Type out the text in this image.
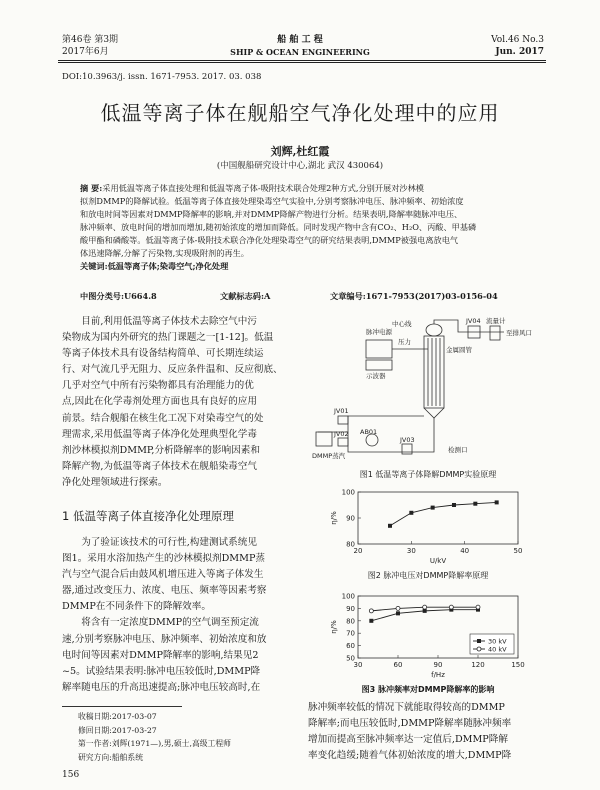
第46卷 第3期
2017年6月
船 舶 工 程
SHIP & OCEAN ENGINEERING
Vol.46 No.3
Jun. 2017
DOI:10.3963/j. issn. 1671-7953. 2017. 03. 038
低温等离子体在舰船空气净化处理中的应用
刘辉,杜红霞
(中国舰船研究设计中心,湖北 武汉 430064)
摘 要:采用低温等离子体直接处理和低温等离子体-吸附技术联合处理2种方式,分别开展对沙林模
拟剂DMMP的降解试验。低温等离子体直接处理染毒空气实验中,分别考察脉冲电压、脉冲频率、初始浓度
和放电时间等因素对DMMP降解率的影响,并对DMMP降解产物进行分析。结果表明,降解率随脉冲电压、
脉冲频率、放电时间的增加而增加,随初始浓度的增加而降低。同时发现产物中含有CO₂、H₂O、丙酸、甲基磷
酸甲酯和磷酸等。低温等离子体-吸附技术联合净化处理染毒空气的研究结果表明,DMMP被强电离放电气
体迅速降解,分解了污染物,实现吸附剂的再生。
关键词:低温等离子体;染毒空气;净化处理
中图分类号:U664.8	文献标志码:A	文章编号:1671-7953(2017)03-0156-04
目前,利用低温等离子体技术去除空气中污
染物成为国内外研究的热门课题之一[1-12]。低温
等离子体技术具有设备结构简单、可长期连续运
行、对气流几乎无阻力、反应条件温和、反应彻底、
几乎对空气中所有污染物都具有治理能力的优
点,因此在化学毒剂处理方面也具有良好的应用
前景。结合舰船在核生化工况下对染毒空气的处
理需求,采用低温等离子体净化处理典型化学毒
剂沙林模拟剂DMMP,分析降解率的影响因素和
降解产物,为低温等离子体技术在舰船染毒空气
净化处理领域进行探索。
1 低温等离子体直接净化处理原理
为了验证该技术的可行性,构建测试系统见
图1。采用水浴加热产生的沙林模拟剂DMMP蒸
汽与空气混合后由鼓风机增压进入等离子体发生
器,通过改变压力、浓度、电压、频率等因素考察
DMMP在不同条件下的降解效率。
将含有一定浓度DMMP的空气调至预定流
速,分别考察脉冲电压、脉冲频率、初始浓度和放
电时间等因素对DMMP降解率的影响,结果见2
~5。试验结果表明:脉冲电压较低时,DMMP降
解率随电压的升高迅速提高;脉冲电压较高时,在
收稿日期:2017-03-07
修回日期:2017-03-27
第一作者:刘辉(1971—),男,硕士,高级工程师
研究方向:船舶系统
156
脉冲电源
示波器
压力
中心线
金属圆管
JV04 流量计
至排风口
JV01
JV02
JV03
AB01
DMMP蒸汽
检测口
图1 低温等离子体降解DMMP实验原理
20	30	40	50
80
90
100
U/kV
η/%
图2 脉冲电压对DMMP降解率原理
30	60	90	120	150
50
60
70
80
90
100
f/Hz
η/%
30 kV
40 kV
图3 脉冲频率对DMMP降解率的影响
脉冲频率较低的情况下就能取得较高的DMMP
降解率;而电压较低时,DMMP降解率随脉冲频率
增加而提高至脉冲频率达一定值后,DMMP降解
率变化趋缓;随着气体初始浓度的增大,DMMP降
